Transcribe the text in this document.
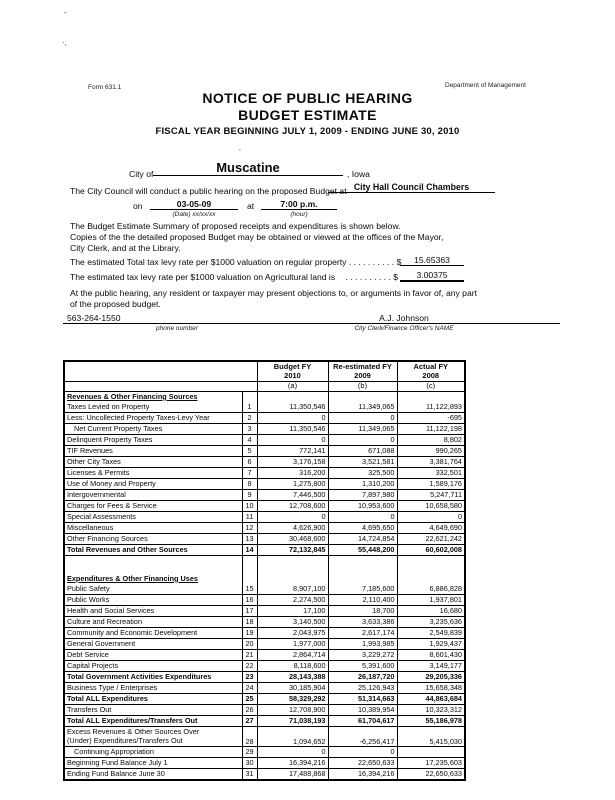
-
·,
’
Form 631.1	Department of Management
NOTICE OF PUBLIC HEARING
BUDGET ESTIMATE
FISCAL YEAR BEGINNING JULY 1, 2009 - ENDING JUNE 30, 2010
City of	Muscatine	, Iowa
The City Council will conduct a public hearing on the proposed Budget at City Hall Council Chambers
on	03-05-09	at	7:00 p.m.
(Date) xx/xx/xx	(hour)
The Budget Estimate Summary of proposed receipts and expenditures is shown below.
Copies of the the detailed proposed Budget may be obtained or viewed at the offices of the Mayor,
City Clerk, and at the Library.
The estimated Total tax levy rate per $1000 valuation on regular property . . . . . . . . . . $	15.65363
The estimated tax levy rate per $1000 valuation on Agricultural land is . . . . . . . . . . $	3.00375
At the public hearing, any resident or taxpayer may present objections to, or arguments in favor of, any part
of the proposed budget.
563-264-1550
phone number
A.J. Johnson
City Clerk/Finance Officer's NAME

Budget FY
2010

Re-estimated FY
2009

Actual FY
2008

		(a)	(b)	(c)
Revenues & Other Financing Sources				
Taxes Levied on Property	1	11,350,546	11,349,065	11,122,893
Less: Uncollected Property Taxes-Levy Year	2	0	0	-695
Net Current Property Taxes	3	11,350,546	11,349,065	11,122,198
Delinquent Property Taxes	4	0	0	8,802
TIF Revenues	5	772,141	671,088	990,265
Other City Taxes	6	3,176,158	3,521,581	3,381,764
Licenses & Permits	7	316,200	325,500	332,501
Use of Money and Property	8	1,275,800	1,310,200	1,589,176
Intergovernmental	9	7,446,500	7,897,980	5,247,711
Charges for Fees & Service	10	12,708,600	10,953,600	10,658,580
Special Assessments	11	0	0	0
Miscellaneous	12	4,626,900	4,695,650	4,649,690
Other Financing Sources	13	30,468,600	14,724,854	22,621,242
Total Revenues and Other Sources	14	72,132,845	55,448,200	60,602,008

Expenditures & Other Financing Uses				
Public Safety	15	8,907,100	7,185,600	6,886,828
Public Works	16	2,274,500	2,110,400	1,937,801
Health and Social Services	17	17,100	18,700	16,680
Culture and Recreation	18	3,140,500	3,633,386	3,235,636
Community and Economic Development	19	2,043,975	2,617,174	2,549,839
General Government	20	1,977,000	1,993,985	1,929,437
Debt Service	21	2,864,714	3,229,272	8,601,430
Capital Projects	22	8,118,600	5,391,600	3,149,177
Total Government Activities Expenditures	23	28,143,388	26,187,720	29,205,336
Business Type / Enterprises	24	30,185,904	25,126,943	15,658,348
Total ALL Expenditures	25	58,329,292	51,314,663	44,863,684
Transfers Out	26	12,708,900	10,389,954	10,323,312
Total ALL Expenditures/Transfers Out	27	71,038,193	61,704,617	55,186,978

Excess Revenues & Other Sources Over
(Under) Expenditures/Transfers Out	28	1,094,652	-6,256,417	5,415,030
Continuing Appropriation	29	0	0	
Beginning Fund Balance July 1	30	16,394,216	22,650,633	17,235,603
Ending Fund Balance June 30	31	17,488,868	16,394,216	22,650,633
